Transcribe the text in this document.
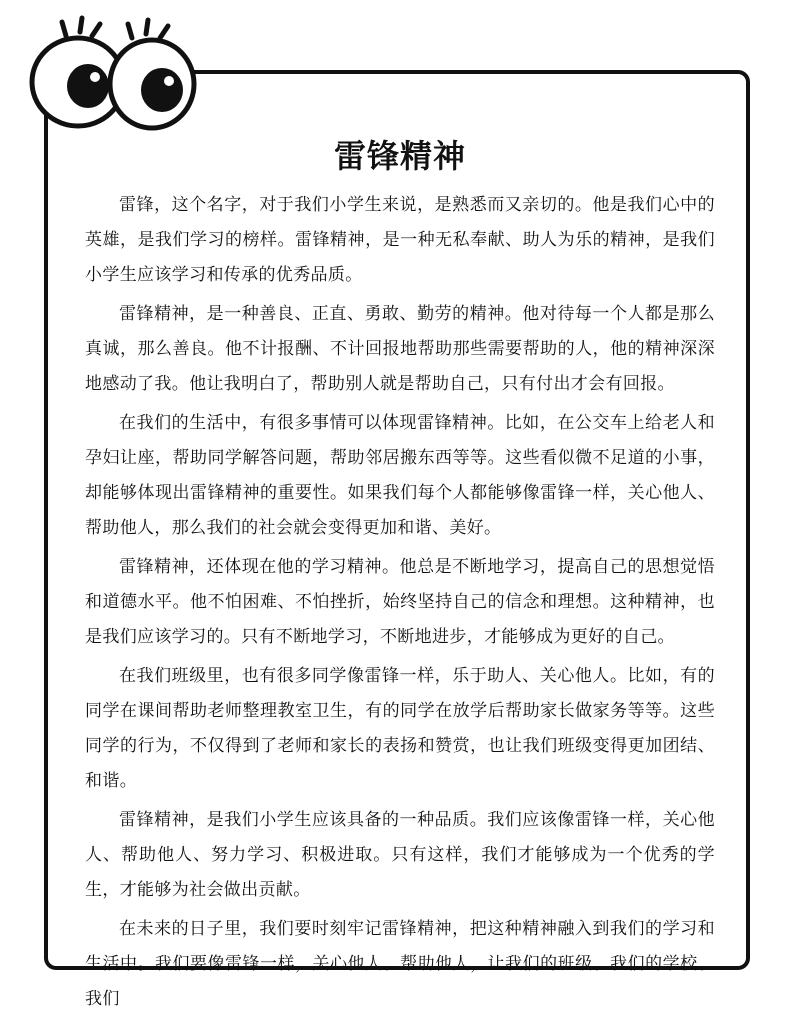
雷锋精神

雷锋，这个名字，对于我们小学生来说，是熟悉而又亲切的。他是我们心中的英雄，是我们学习的榜样。雷锋精神，是一种无私奉献、助人为乐的精神，是我们小学生应该学习和传承的优秀品质。

雷锋精神，是一种善良、正直、勇敢、勤劳的精神。他对待每一个人都是那么真诚，那么善良。他不计报酬、不计回报地帮助那些需要帮助的人，他的精神深深地感动了我。他让我明白了，帮助别人就是帮助自己，只有付出才会有回报。

在我们的生活中，有很多事情可以体现雷锋精神。比如，在公交车上给老人和孕妇让座，帮助同学解答问题，帮助邻居搬东西等等。这些看似微不足道的小事，却能够体现出雷锋精神的重要性。如果我们每个人都能够像雷锋一样，关心他人、帮助他人，那么我们的社会就会变得更加和谐、美好。

雷锋精神，还体现在他的学习精神。他总是不断地学习，提高自己的思想觉悟和道德水平。他不怕困难、不怕挫折，始终坚持自己的信念和理想。这种精神，也是我们应该学习的。只有不断地学习，不断地进步，才能够成为更好的自己。

在我们班级里，也有很多同学像雷锋一样，乐于助人、关心他人。比如，有的同学在课间帮助老师整理教室卫生，有的同学在放学后帮助家长做家务等等。这些同学的行为，不仅得到了老师和家长的表扬和赞赏，也让我们班级变得更加团结、和谐。

雷锋精神，是我们小学生应该具备的一种品质。我们应该像雷锋一样，关心他人、帮助他人、努力学习、积极进取。只有这样，我们才能够成为一个优秀的学生，才能够为社会做出贡献。

在未来的日子里，我们要时刻牢记雷锋精神，把这种精神融入到我们的学习和生活中。我们要像雷锋一样，关心他人、帮助他人，让我们的班级、我们的学校、我们
